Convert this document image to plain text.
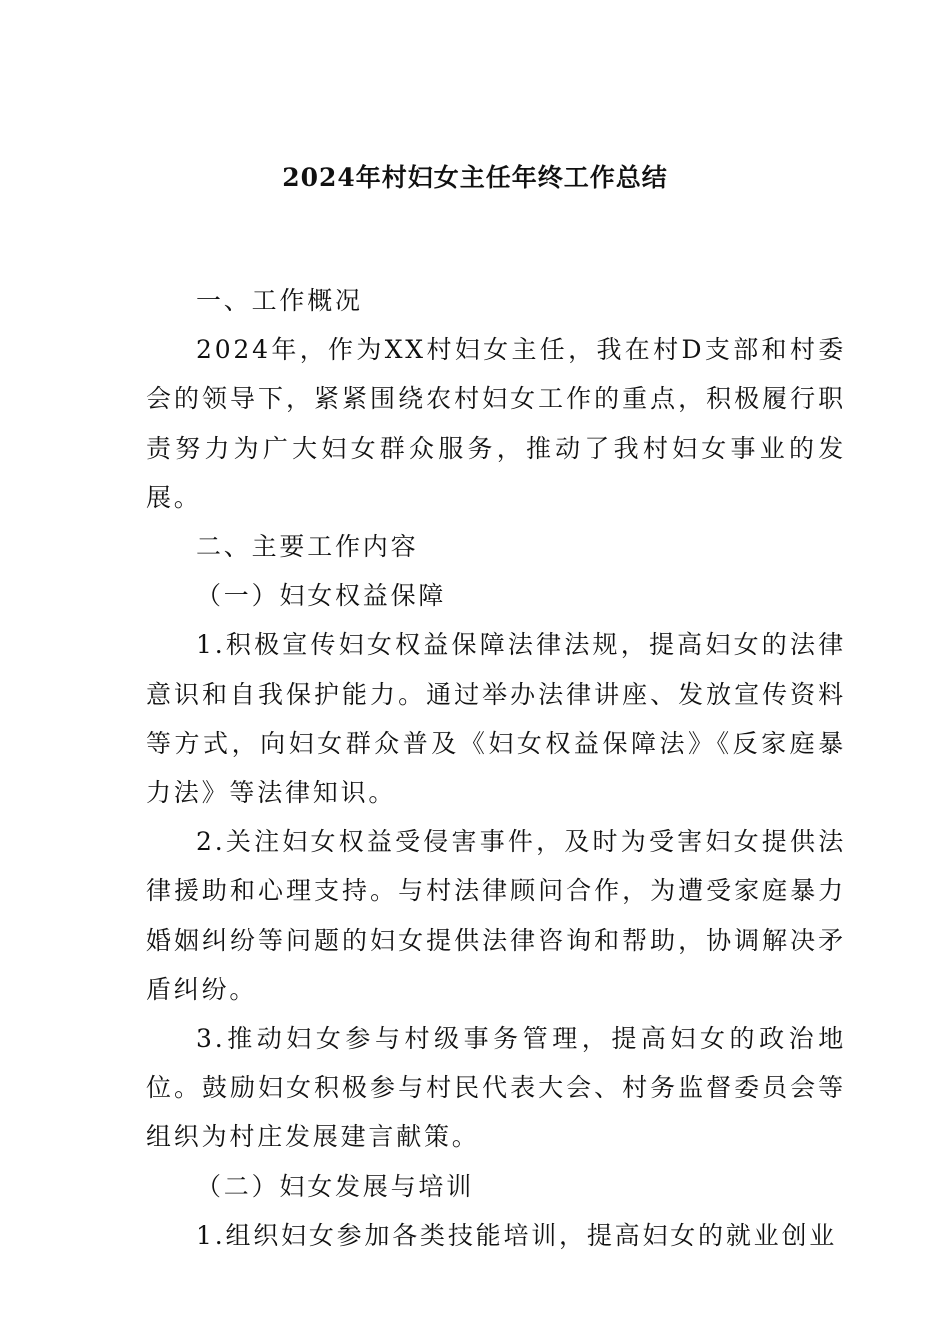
2024年村妇女主任年终工作总结

一、工作概况

2024年，作为XX村妇女主任，我在村D支部和村委会的领导下，紧紧围绕农村妇女工作的重点，积极履行职责努力为广大妇女群众服务，推动了我村妇女事业的发展。

二、主要工作内容

（一）妇女权益保障

1.积极宣传妇女权益保障法律法规，提高妇女的法律意识和自我保护能力。通过举办法律讲座、发放宣传资料等方式，向妇女群众普及《妇女权益保障法》《反家庭暴力法》等法律知识。

2.关注妇女权益受侵害事件，及时为受害妇女提供法律援助和心理支持。与村法律顾问合作，为遭受家庭暴力婚姻纠纷等问题的妇女提供法律咨询和帮助，协调解决矛盾纠纷。

3.推动妇女参与村级事务管理，提高妇女的政治地位。鼓励妇女积极参与村民代表大会、村务监督委员会等组织为村庄发展建言献策。

（二）妇女发展与培训

1.组织妇女参加各类技能培训，提高妇女的就业创业
